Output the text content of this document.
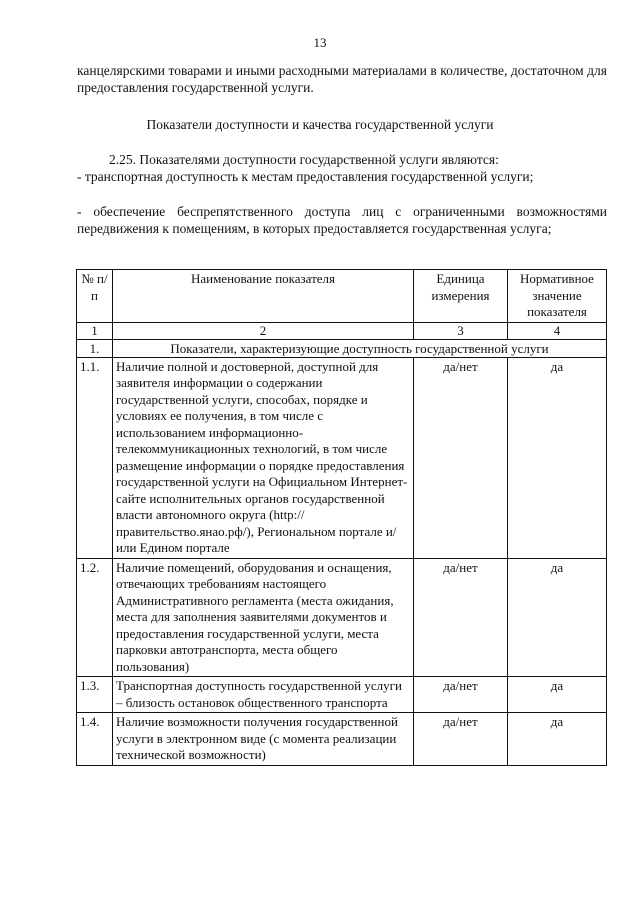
13
канцелярскими товарами и иными расходными материалами в количестве, достаточном для предоставления государственной услуги.
Показатели доступности и качества государственной услуги
2.25. Показателями доступности государственной услуги являются:
- транспортная доступность к местам предоставления государственной услуги;
- обеспечение беспрепятственного доступа лиц с ограниченными возможностями передвижения к помещениям, в которых предоставляется государственная услуга;
№ п/п	Наименование показателя	Единица измерения	Нормативное значение показателя
1	2	3	4
1.	Показатели, характеризующие доступность государственной услуги		
1.1.	Наличие полной и достоверной, доступной для заявителя информации о содержании государственной услуги, способах, порядке и условиях ее получения, в том числе с использованием информационно-телекоммуникационных технологий, в том числе размещение информации о порядке предоставления государственной услуги на Официальном Интернет-сайте исполнительных органов государственной власти автономного округа (http://правительство.янао.рф/), Региональном портале и/или Едином портале	да/нет	да
1.2.	Наличие помещений, оборудования и оснащения, отвечающих требованиям настоящего Административного регламента (места ожидания, места для заполнения заявителями документов и предоставления государственной услуги, места парковки автотранспорта, места общего пользования)	да/нет	да
1.3.	Транспортная доступность государственной услуги – близость остановок общественного транспорта	да/нет	да
1.4.	Наличие возможности получения государственной услуги в электронном виде (с момента реализации технической возможности)	да/нет	да
